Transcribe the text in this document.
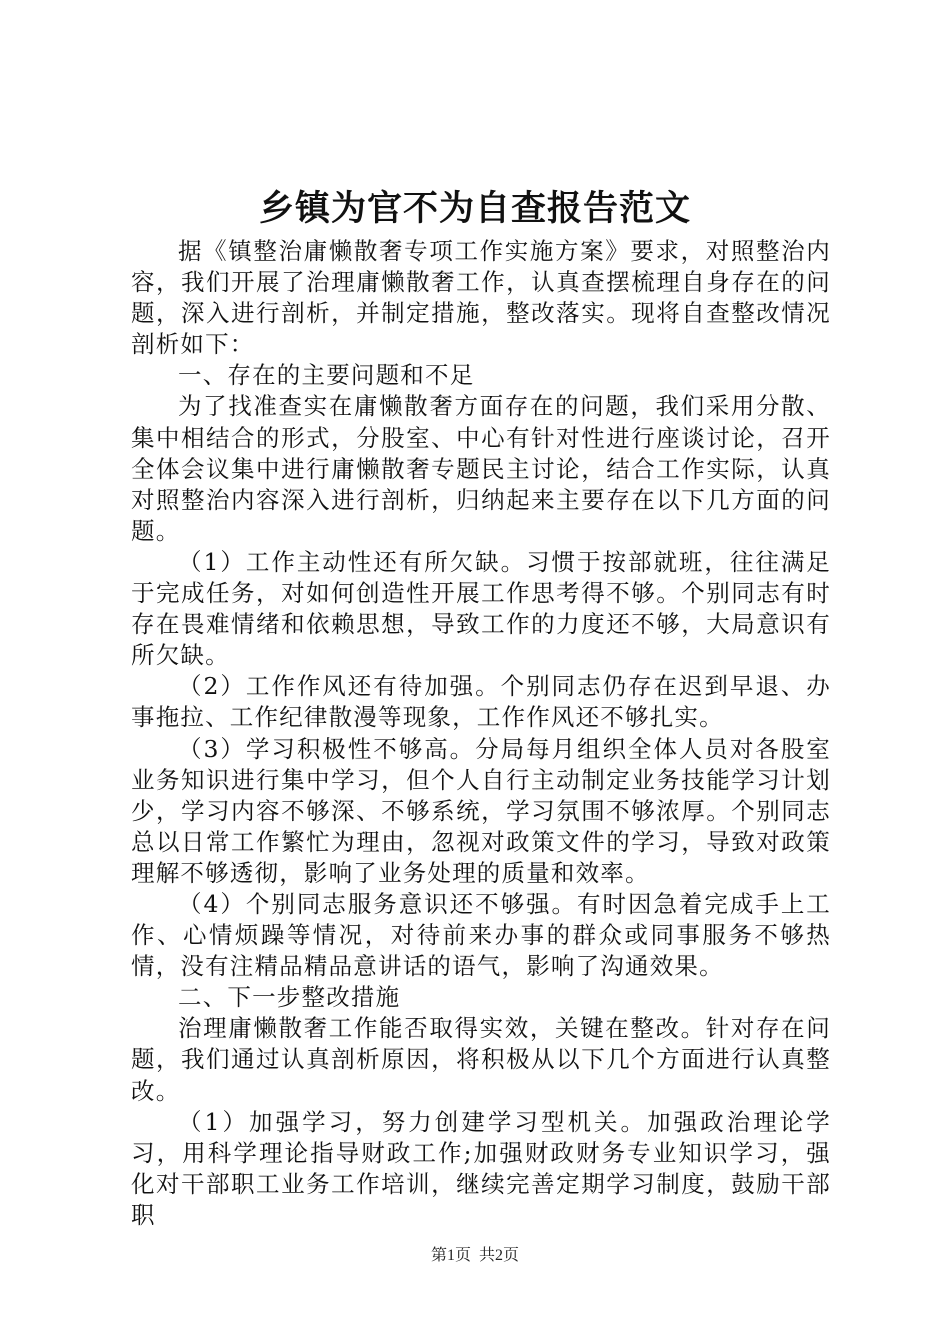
乡镇为官不为自查报告范文

据《镇整治庸懒散奢专项工作实施方案》要求，对照整治内容，我们开展了治理庸懒散奢工作，认真查摆梳理自身存在的问题，深入进行剖析，并制定措施，整改落实。现将自查整改情况剖析如下：

一、存在的主要问题和不足

为了找准查实在庸懒散奢方面存在的问题，我们采用分散、集中相结合的形式，分股室、中心有针对性进行座谈讨论，召开全体会议集中进行庸懒散奢专题民主讨论，结合工作实际，认真对照整治内容深入进行剖析，归纳起来主要存在以下几方面的问题。

（1）工作主动性还有所欠缺。习惯于按部就班，往往满足于完成任务，对如何创造性开展工作思考得不够。个别同志有时存在畏难情绪和依赖思想，导致工作的力度还不够，大局意识有所欠缺。

（2）工作作风还有待加强。个别同志仍存在迟到早退、办事拖拉、工作纪律散漫等现象，工作作风还不够扎实。

（3）学习积极性不够高。分局每月组织全体人员对各股室业务知识进行集中学习，但个人自行主动制定业务技能学习计划少，学习内容不够深、不够系统，学习氛围不够浓厚。个别同志总以日常工作繁忙为理由，忽视对政策文件的学习，导致对政策理解不够透彻，影响了业务处理的质量和效率。

（4）个别同志服务意识还不够强。有时因急着完成手上工作、心情烦躁等情况，对待前来办事的群众或同事服务不够热情，没有注精品精品意讲话的语气，影响了沟通效果。

二、下一步整改措施

治理庸懒散奢工作能否取得实效，关键在整改。针对存在问题，我们通过认真剖析原因，将积极从以下几个方面进行认真整改。

（1）加强学习，努力创建学习型机关。加强政治理论学习，用科学理论指导财政工作;加强财政财务专业知识学习，强化对干部职工业务工作培训，继续完善定期学习制度，鼓励干部职

第1页 共2页
